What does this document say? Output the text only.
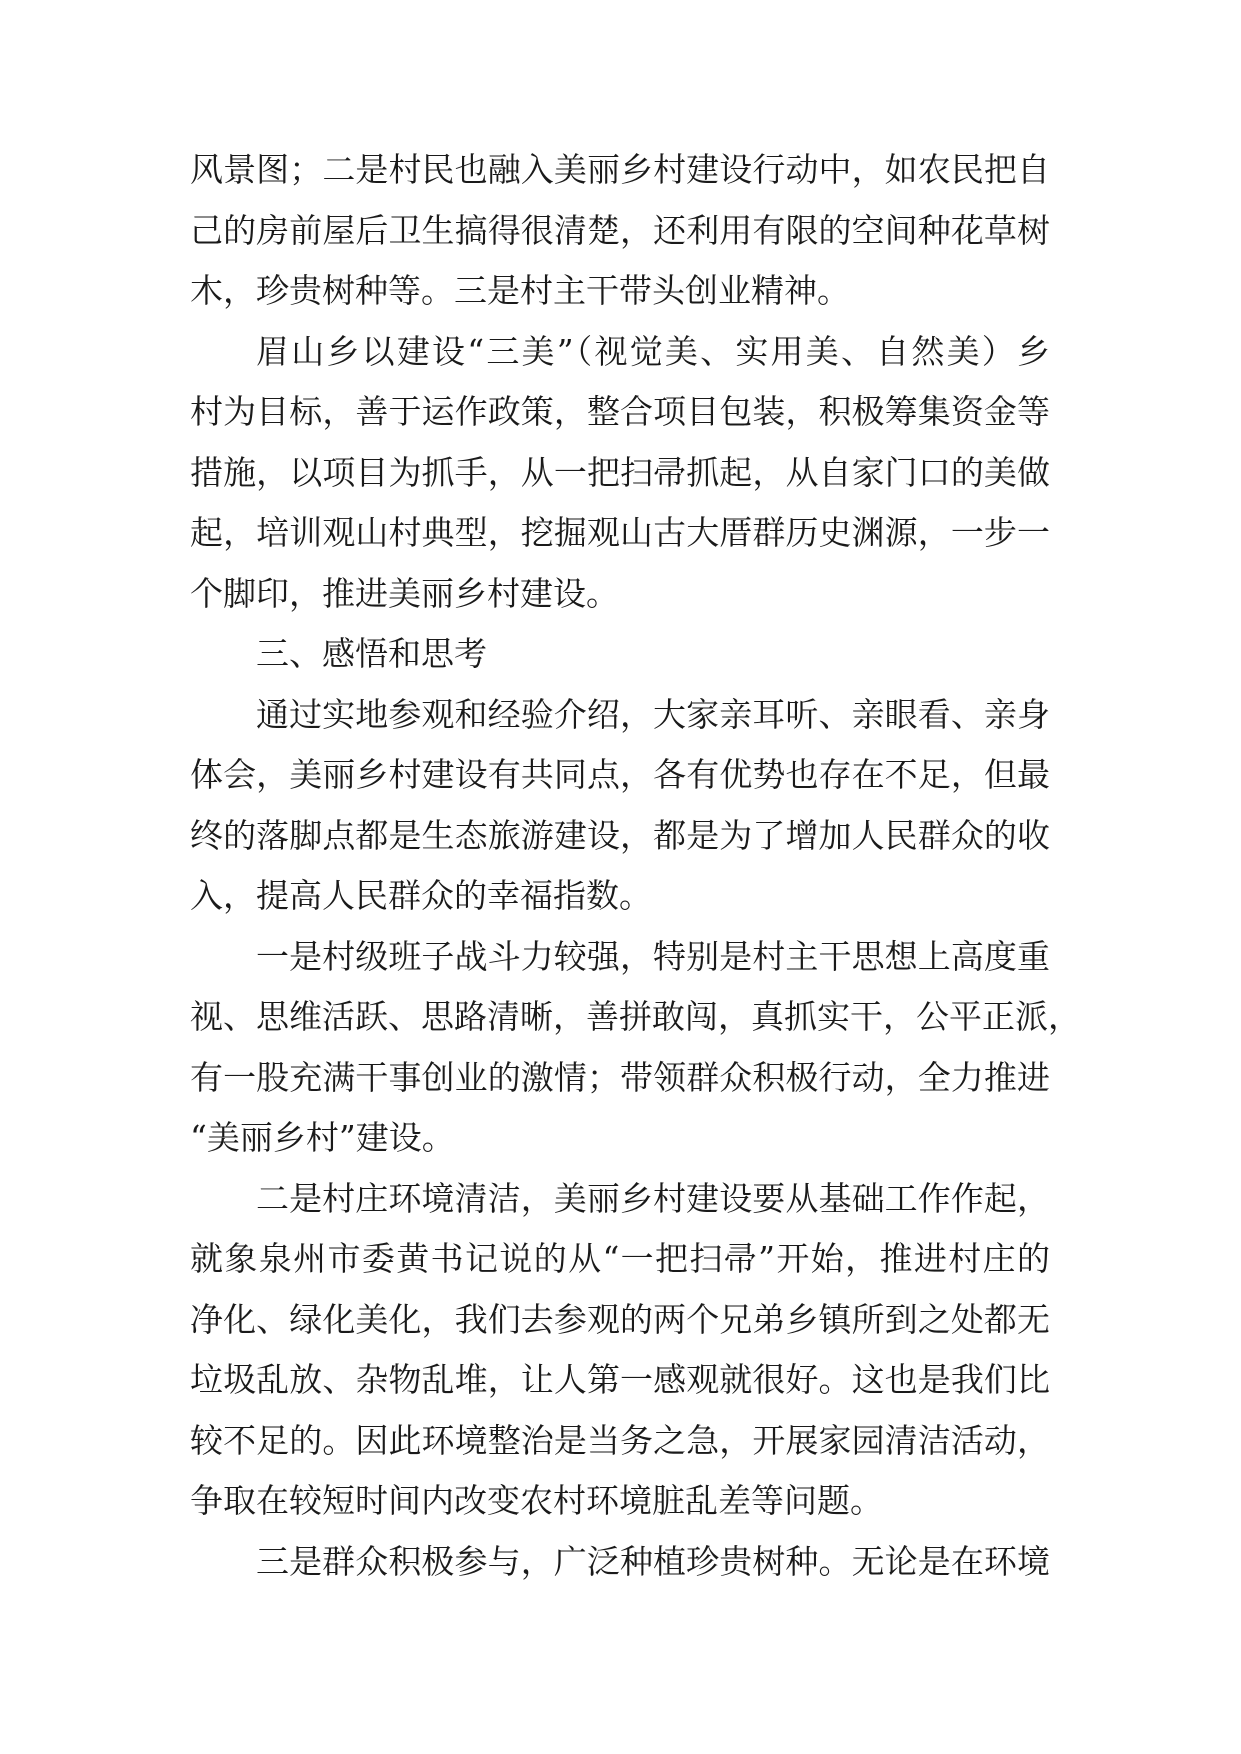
风景图；二是村民也融入美丽乡村建设行动中，如农民把自
己的房前屋后卫生搞得很清楚，还利用有限的空间种花草树
木，珍贵树种等。三是村主干带头创业精神。
眉山乡以建设“三美”（视觉美、实用美、自然美）乡
村为目标，善于运作政策，整合项目包装，积极筹集资金等
措施，以项目为抓手，从一把扫帚抓起，从自家门口的美做
起，培训观山村典型，挖掘观山古大厝群历史渊源，一步一
个脚印，推进美丽乡村建设。
三、感悟和思考
通过实地参观和经验介绍，大家亲耳听、亲眼看、亲身
体会，美丽乡村建设有共同点，各有优势也存在不足，但最
终的落脚点都是生态旅游建设，都是为了增加人民群众的收
入，提高人民群众的幸福指数。
一是村级班子战斗力较强，特别是村主干思想上高度重
视、思维活跃、思路清晰，善拼敢闯，真抓实干，公平正派，
有一股充满干事创业的激情；带领群众积极行动，全力推进
“美丽乡村”建设。
二是村庄环境清洁，美丽乡村建设要从基础工作作起，
就象泉州市委黄书记说的从“一把扫帚”开始，推进村庄的
净化、绿化美化，我们去参观的两个兄弟乡镇所到之处都无
垃圾乱放、杂物乱堆，让人第一感观就很好。这也是我们比
较不足的。因此环境整治是当务之急，开展家园清洁活动，
争取在较短时间内改变农村环境脏乱差等问题。
三是群众积极参与，广泛种植珍贵树种。无论是在环境
